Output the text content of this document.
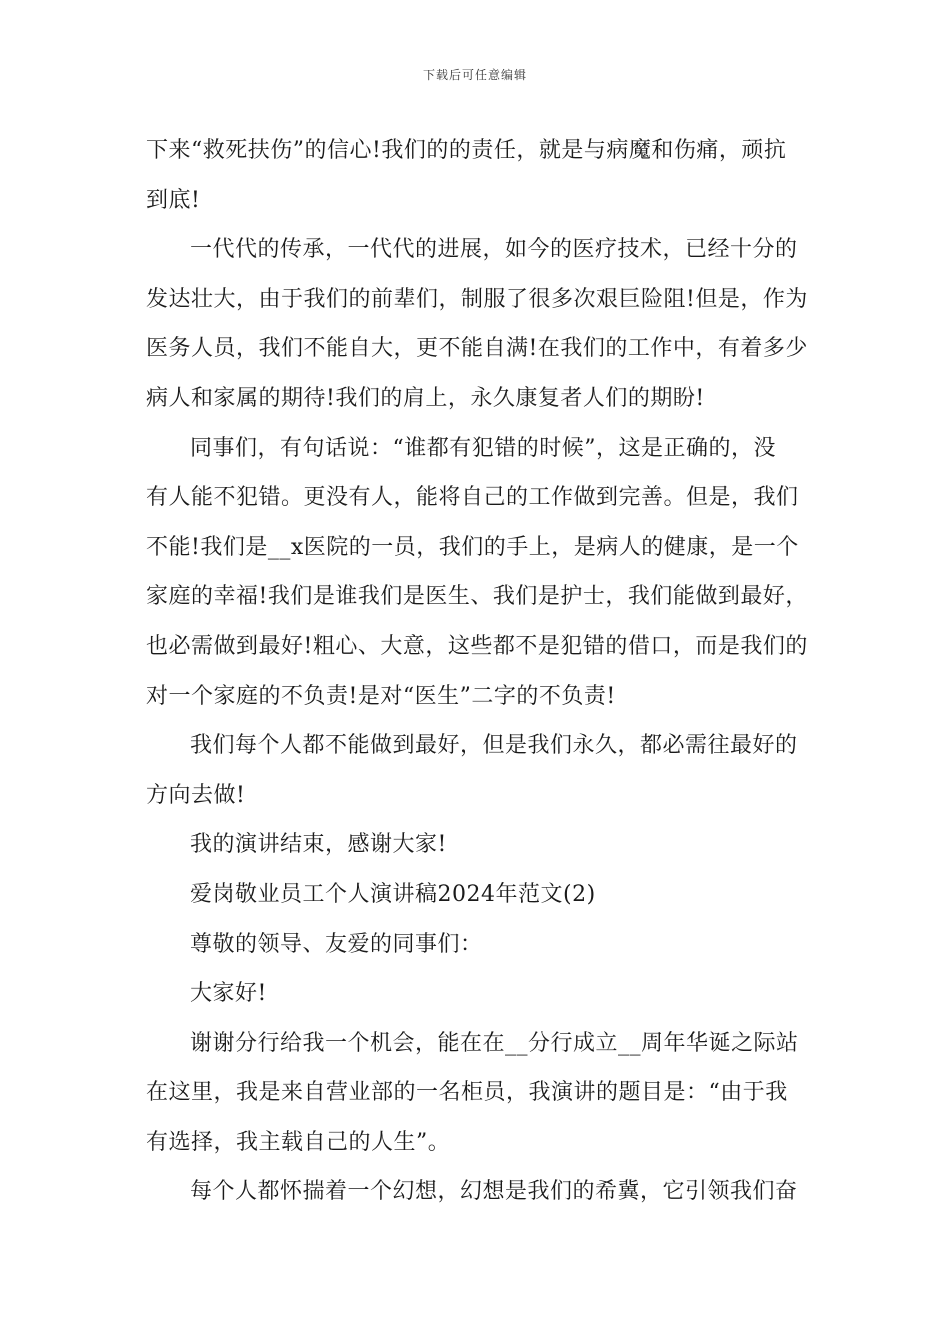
下载后可任意编辑
下来“救死扶伤”的信心!我们的的责任，就是与病魔和伤痛，顽抗
到底!
一代代的传承，一代代的进展，如今的医疗技术，已经十分的
发达壮大，由于我们的前辈们，制服了很多次艰巨险阻!但是，作为
医务人员，我们不能自大，更不能自满!在我们的工作中，有着多少
病人和家属的期待!我们的肩上，永久康复者人们的期盼!
同事们，有句话说：“谁都有犯错的时候”，这是正确的，没
有人能不犯错。更没有人，能将自己的工作做到完善。但是，我们
不能!我们是__x医院的一员，我们的手上，是病人的健康，是一个
家庭的幸福!我们是谁我们是医生、我们是护士，我们能做到最好，
也必需做到最好!粗心、大意，这些都不是犯错的借口，而是我们的
对一个家庭的不负责!是对“医生”二字的不负责!
我们每个人都不能做到最好，但是我们永久，都必需往最好的
方向去做!
我的演讲结束，感谢大家!
爱岗敬业员工个人演讲稿2024年范文(2)
尊敬的领导、友爱的同事们：
大家好!
谢谢分行给我一个机会，能在在__分行成立__周年华诞之际站
在这里，我是来自营业部的一名柜员，我演讲的题目是：“由于我
有选择，我主载自己的人生”。
每个人都怀揣着一个幻想，幻想是我们的希冀，它引领我们奋
